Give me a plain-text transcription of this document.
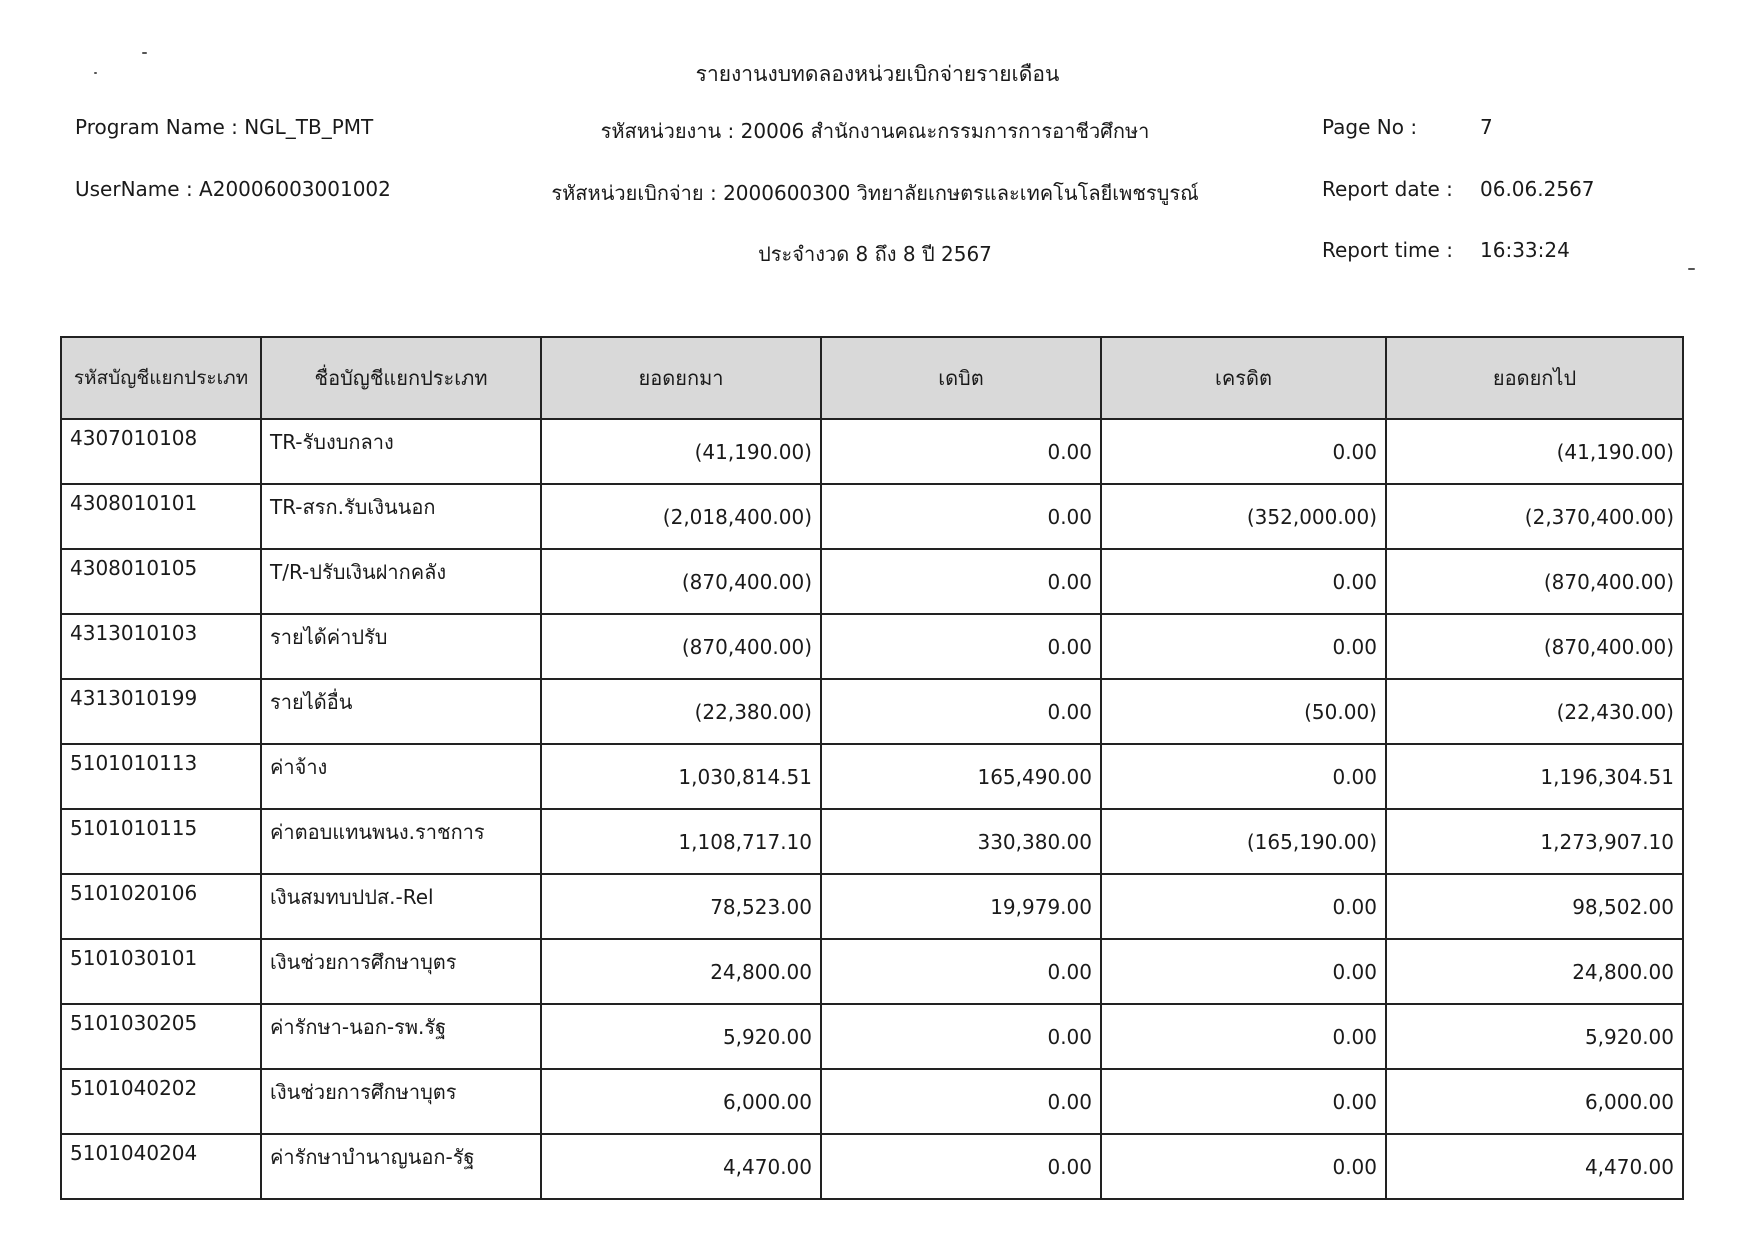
รายงานงบทดลองหน่วยเบิกจ่ายรายเดือน
Program Name : NGL_TB_PMT	รหัสหน่วยงาน : 20006 สำนักงานคณะกรรมการการอาชีวศึกษา	Page No :	7
UserName : A20006003001002	รหัสหน่วยเบิกจ่าย : 2000600300 วิทยาลัยเกษตรและเทคโนโลยีเพชรบูรณ์	Report date : 06.06.2567
ประจำงวด 8 ถึง 8 ปี 2567	Report time : 16:33:24
รหัสบัญชีแยกประเภท	ชื่อบัญชีแยกประเภท	ยอดยกมา	เดบิต	เครดิต	ยอดยกไป
4307010108	TR-รับงบกลาง	(41,190.00)	0.00	0.00	(41,190.00)
4308010101	TR-สรก.รับเงินนอก	(2,018,400.00)	0.00	(352,000.00)	(2,370,400.00)
4308010105	T/R-ปรับเงินฝากคลัง	(870,400.00)	0.00	0.00	(870,400.00)
4313010103	รายได้ค่าปรับ	(870,400.00)	0.00	0.00	(870,400.00)
4313010199	รายได้อื่น	(22,380.00)	0.00	(50.00)	(22,430.00)
5101010113	ค่าจ้าง	1,030,814.51	165,490.00	0.00	1,196,304.51
5101010115	ค่าตอบแทนพนง.ราชการ	1,108,717.10	330,380.00	(165,190.00)	1,273,907.10
5101020106	เงินสมทบปปส.-Rel	78,523.00	19,979.00	0.00	98,502.00
5101030101	เงินช่วยการศึกษาบุตร	24,800.00	0.00	0.00	24,800.00
5101030205	ค่ารักษา-นอก-รพ.รัฐ	5,920.00	0.00	0.00	5,920.00
5101040202	เงินช่วยการศึกษาบุตร	6,000.00	0.00	0.00	6,000.00
5101040204	ค่ารักษาบำนาญนอก-รัฐ	4,470.00	0.00	0.00	4,470.00
